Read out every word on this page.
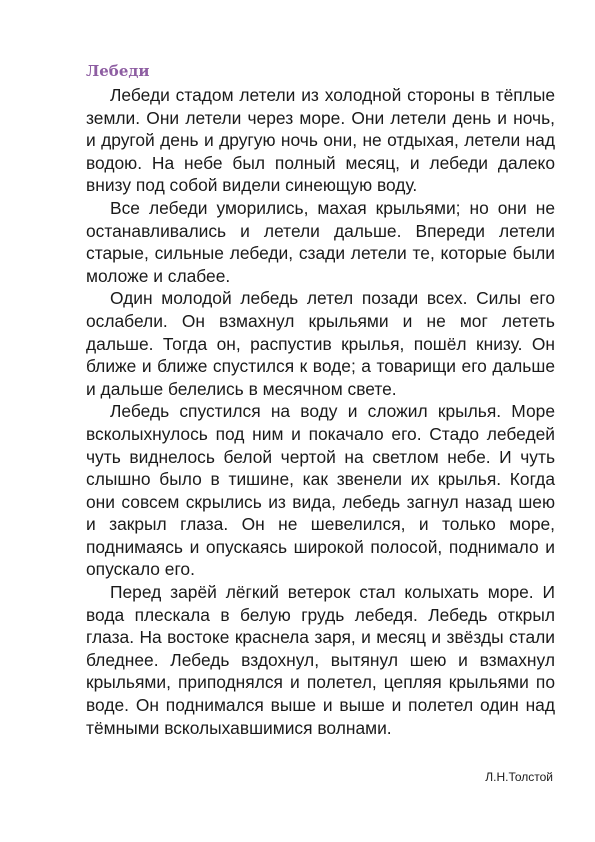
Лебеди

Лебеди стадом летели из холодной стороны в тёплые земли. Они летели через море. Они летели день и ночь, и другой день и другую ночь они, не отдыхая, летели над водою. На небе был полный месяц, и лебеди далеко внизу под собой видели синеющую воду.

Все лебеди уморились, махая крыльями; но они не останавливались и летели дальше. Впереди летели старые, сильные лебеди, сзади летели те, которые были моложе и слабее.

Один молодой лебедь летел позади всех. Силы его ослабели. Он взмахнул крыльями и не мог лететь дальше. Тогда он, распустив крылья, пошёл книзу. Он ближе и ближе спустился к воде; а товарищи его дальше и дальше белелись в месячном свете.

Лебедь спустился на воду и сложил крылья. Море всколыхнулось под ним и покачало его. Стадо лебедей чуть виднелось белой чертой на светлом небе. И чуть слышно было в тишине, как звенели их крылья. Когда они совсем скрылись из вида, лебедь загнул назад шею и закрыл глаза. Он не шевелился, и только море, поднимаясь и опускаясь широкой полосой, поднимало и опускало его.

Перед зарёй лёгкий ветерок стал колыхать море. И вода плескала в белую грудь лебедя. Лебедь открыл глаза. На востоке краснела заря, и месяц и звёзды стали бледнее. Лебедь вздохнул, вытянул шею и взмахнул крыльями, приподнялся и полетел, цепляя крыльями по воде. Он поднимался выше и выше и полетел один над тёмными всколыхавшимися волнами.

Л.Н.Толстой
